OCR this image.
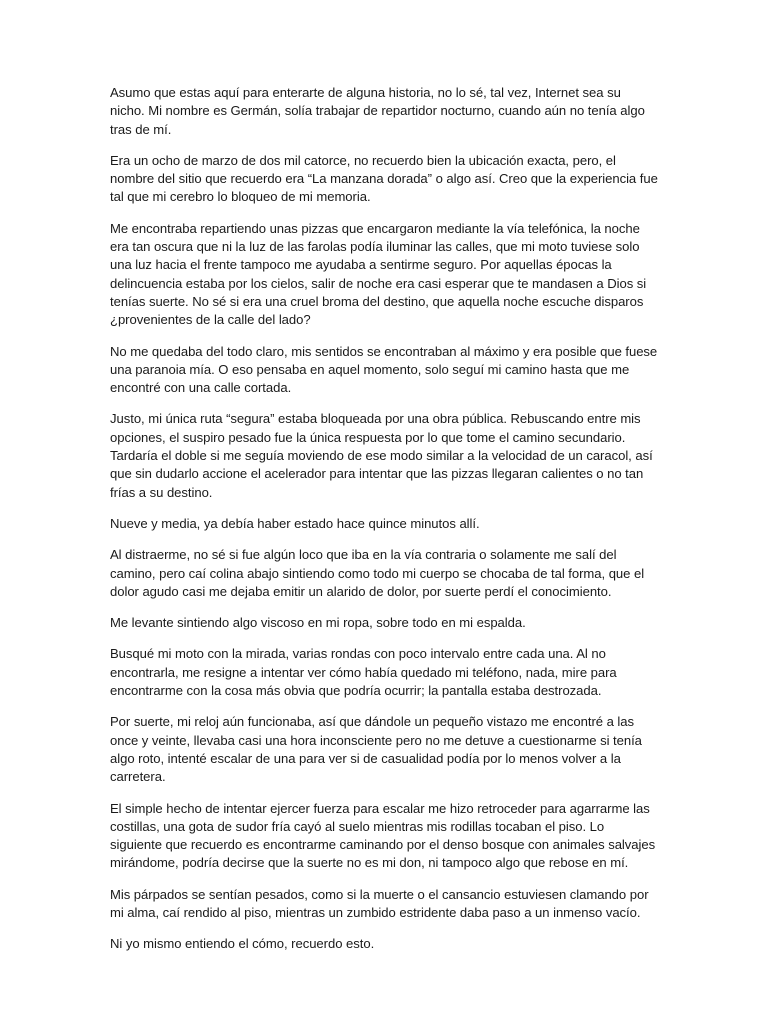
Asumo que estas aquí para enterarte de alguna historia, no lo sé, tal vez, Internet sea su nicho. Mi nombre es Germán, solía trabajar de repartidor nocturno, cuando aún no tenía algo tras de mí.

Era un ocho de marzo de dos mil catorce, no recuerdo bien la ubicación exacta, pero, el nombre del sitio que recuerdo era “La manzana dorada” o algo así. Creo que la experiencia fue tal que mi cerebro lo bloqueo de mi memoria.

Me encontraba repartiendo unas pizzas que encargaron mediante la vía telefónica, la noche era tan oscura que ni la luz de las farolas podía iluminar las calles, que mi moto tuviese solo una luz hacia el frente tampoco me ayudaba a sentirme seguro. Por aquellas épocas la delincuencia estaba por los cielos, salir de noche era casi esperar que te mandasen a Dios si tenías suerte. No sé si era una cruel broma del destino, que aquella noche escuche disparos ¿provenientes de la calle del lado?

No me quedaba del todo claro, mis sentidos se encontraban al máximo y era posible que fuese una paranoia mía. O eso pensaba en aquel momento, solo seguí mi camino hasta que me encontré con una calle cortada.

Justo, mi única ruta “segura” estaba bloqueada por una obra pública. Rebuscando entre mis opciones, el suspiro pesado fue la única respuesta por lo que tome el camino secundario. Tardaría el doble si me seguía moviendo de ese modo similar a la velocidad de un caracol, así que sin dudarlo accione el acelerador para intentar que las pizzas llegaran calientes o no tan frías a su destino.

Nueve y media, ya debía haber estado hace quince minutos allí.

Al distraerme, no sé si fue algún loco que iba en la vía contraria o solamente me salí del camino, pero caí colina abajo sintiendo como todo mi cuerpo se chocaba de tal forma, que el dolor agudo casi me dejaba emitir un alarido de dolor, por suerte perdí el conocimiento.

Me levante sintiendo algo viscoso en mi ropa, sobre todo en mi espalda.

Busqué mi moto con la mirada, varias rondas con poco intervalo entre cada una. Al no encontrarla, me resigne a intentar ver cómo había quedado mi teléfono, nada, mire para encontrarme con la cosa más obvia que podría ocurrir; la pantalla estaba destrozada.

Por suerte, mi reloj aún funcionaba, así que dándole un pequeño vistazo me encontré a las once y veinte, llevaba casi una hora inconsciente pero no me detuve a cuestionarme si tenía algo roto, intenté escalar de una para ver si de casualidad podía por lo menos volver a la carretera.

El simple hecho de intentar ejercer fuerza para escalar me hizo retroceder para agarrarme las costillas, una gota de sudor fría cayó al suelo mientras mis rodillas tocaban el piso. Lo siguiente que recuerdo es encontrarme caminando por el denso bosque con animales salvajes mirándome, podría decirse que la suerte no es mi don, ni tampoco algo que rebose en mí.

Mis párpados se sentían pesados, como si la muerte o el cansancio estuviesen clamando por mi alma, caí rendido al piso, mientras un zumbido estridente daba paso a un inmenso vacío.

Ni yo mismo entiendo el cómo, recuerdo esto.
